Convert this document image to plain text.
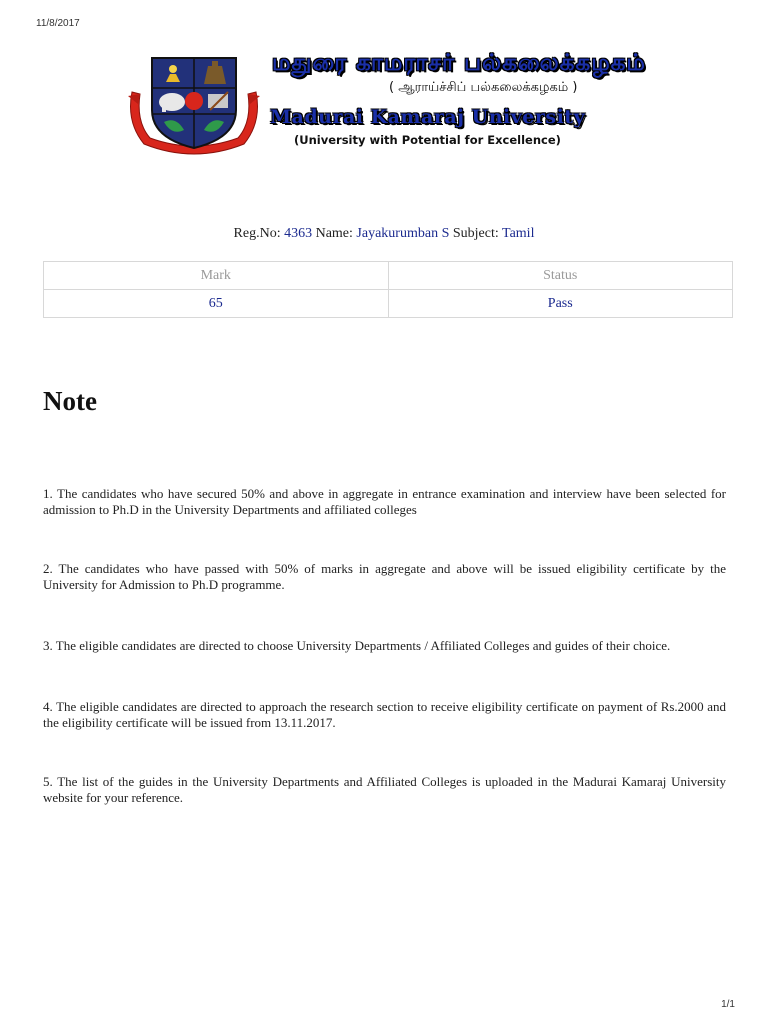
11/8/2017
மதுரை காமராசர் பல்கலைக்கழகம்
( ஆராய்ச்சிப் பல்கலைக்கழகம் )
Madurai Kamaraj University
(University with Potential for Excellence)
Reg.No: 4363 Name: Jayakurumban S Subject: Tamil
Mark	Status
65	Pass
Note

1. The candidates who have secured 50% and above in aggregate in entrance examination and interview have been selected for admission to Ph.D in the University Departments and affiliated colleges

2. The candidates who have passed with 50% of marks in aggregate and above will be issued eligibility certificate by the University for Admission to Ph.D programme.

3. The eligible candidates are directed to choose University Departments / Affiliated Colleges and guides of their choice.

4. The eligible candidates are directed to approach the research section to receive eligibility certificate on payment of Rs.2000 and the eligibility certificate will be issued from 13.11.2017.

5. The list of the guides in the University Departments and Affiliated Colleges is uploaded in the Madurai Kamaraj University website for your reference.

1/1
